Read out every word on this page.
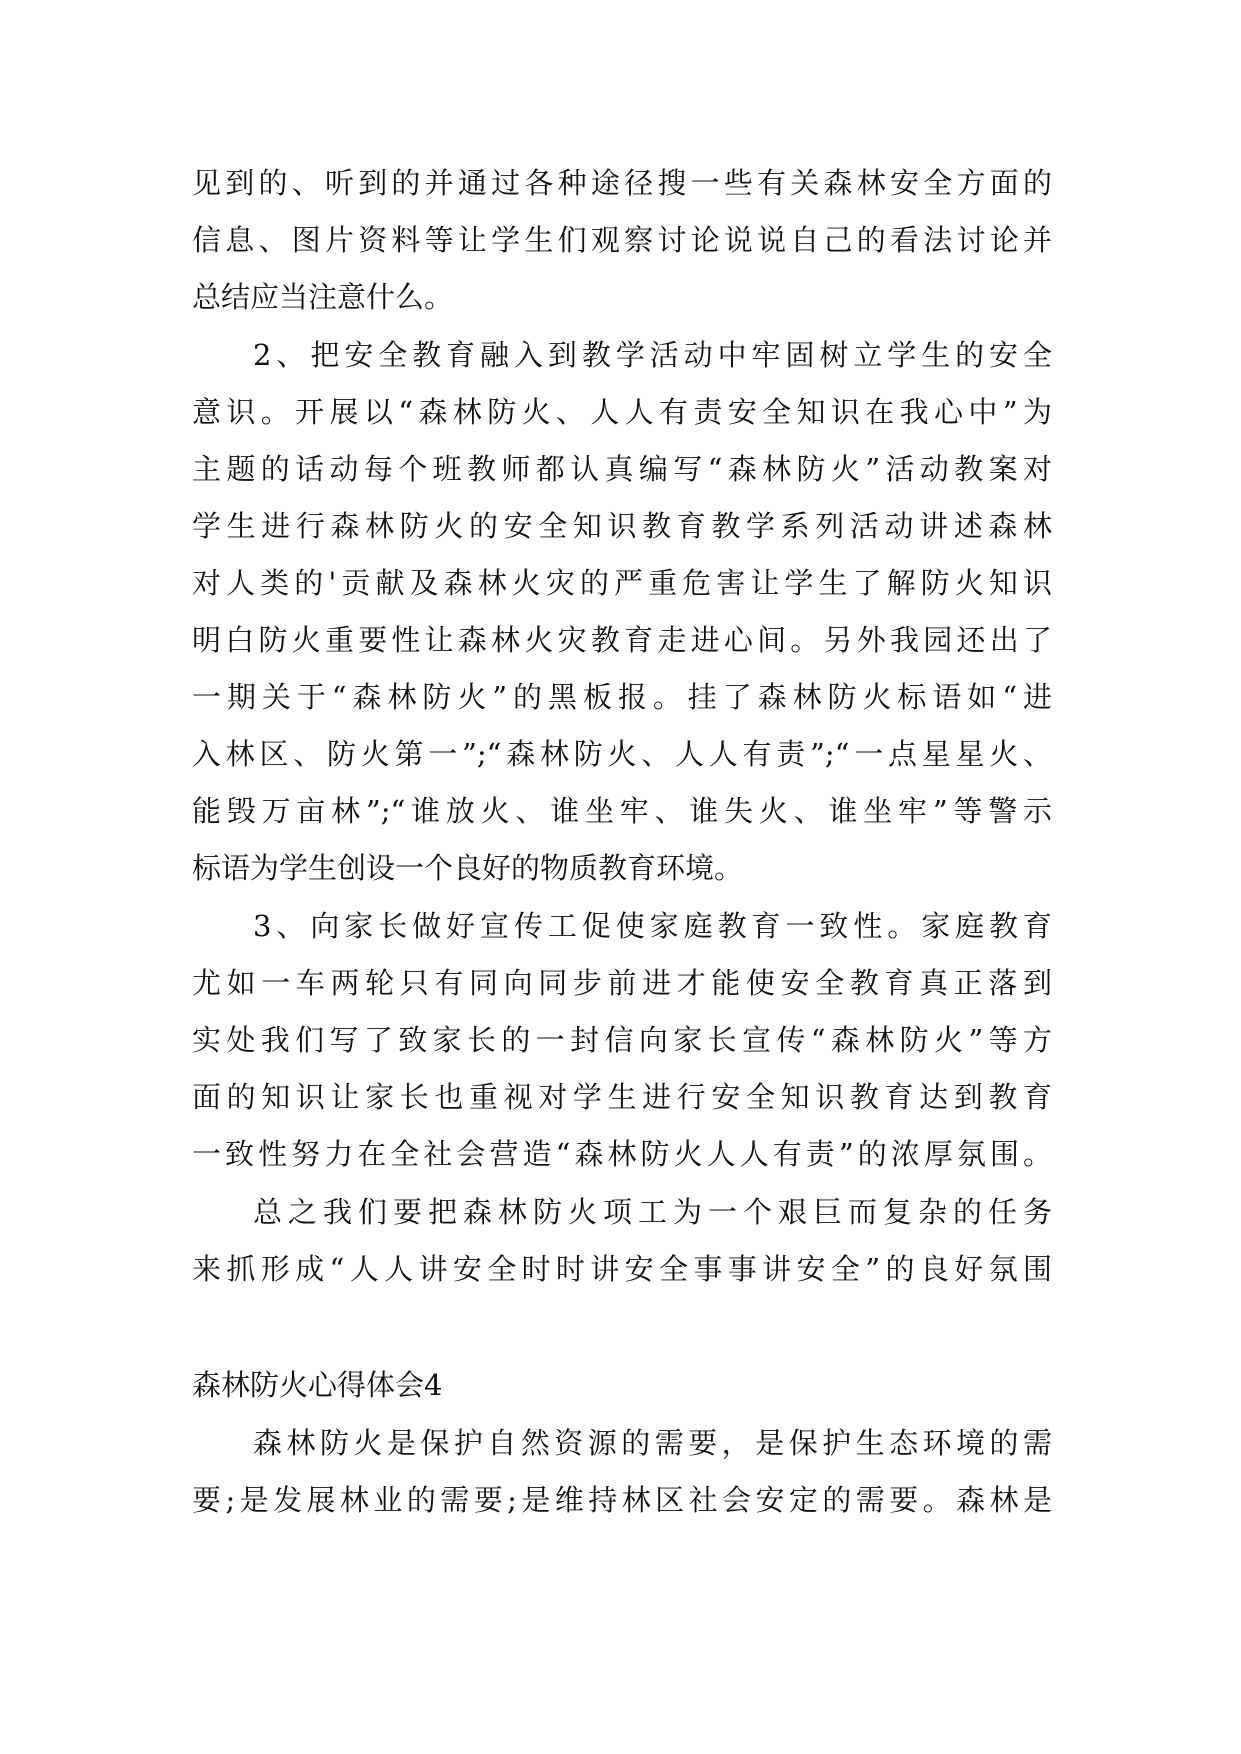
见到的、听到的并通过各种途径搜一些有关森林安全方面的
信息、图片资料等让学生们观察讨论说说自己的看法讨论并
总结应当注意什么。
2、把安全教育融入到教学活动中牢固树立学生的安全
意识。开展以“森林防火、人人有责安全知识在我心中”为
主题的话动每个班教师都认真编写“森林防火”活动教案对
学生进行森林防火的安全知识教育教学系列活动讲述森林
对人类的'贡献及森林火灾的严重危害让学生了解防火知识
明白防火重要性让森林火灾教育走进心间。另外我园还出了
一期关于“森林防火”的黑板报。挂了森林防火标语如“进
入林区、防火第一”;“森林防火、人人有责”;“一点星星火、
能毁万亩林”;“谁放火、谁坐牢、谁失火、谁坐牢”等警示
标语为学生创设一个良好的物质教育环境。
3、向家长做好宣传工促使家庭教育一致性。家庭教育
尤如一车两轮只有同向同步前进才能使安全教育真正落到
实处我们写了致家长的一封信向家长宣传“森林防火”等方
面的知识让家长也重视对学生进行安全知识教育达到教育
一致性努力在全社会营造“森林防火人人有责”的浓厚氛围。
总之我们要把森林防火项工为一个艰巨而复杂的任务
来抓形成“人人讲安全时时讲安全事事讲安全”的良好氛围
森林防火心得体会4
森林防火是保护自然资源的需要，是保护生态环境的需
要;是发展林业的需要;是维持林区社会安定的需要。森林是
